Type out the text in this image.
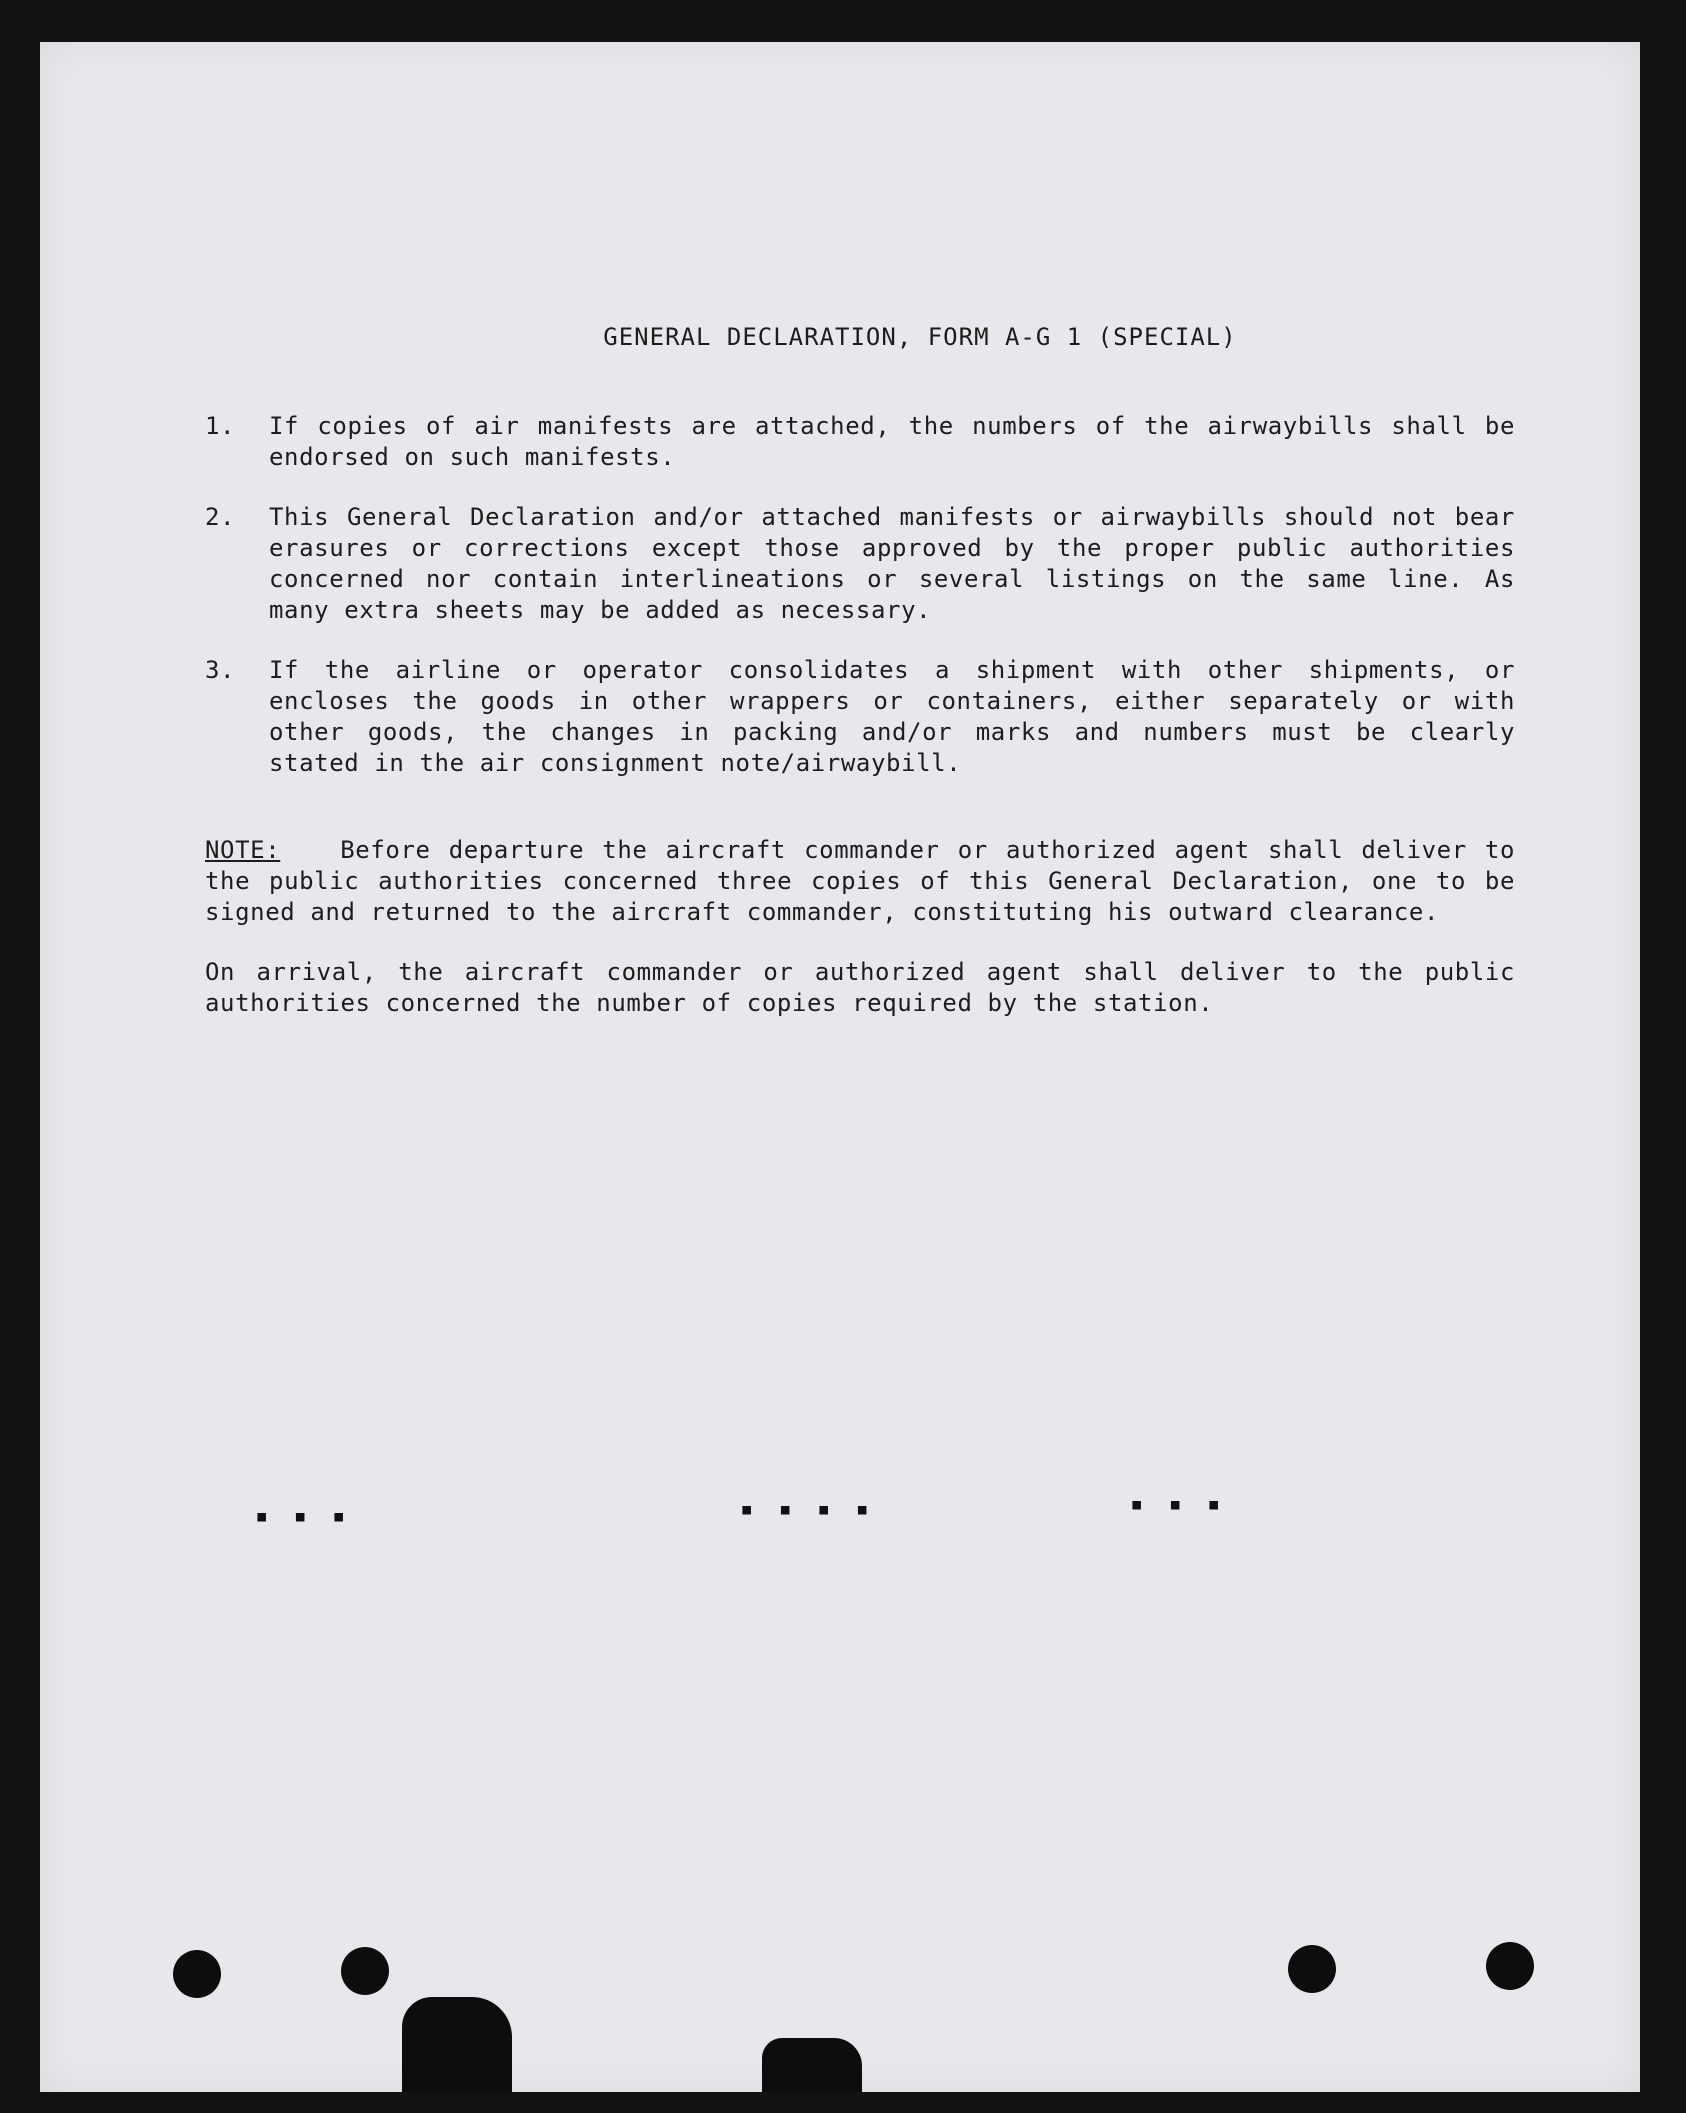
▪ ▪ ▪	▪ ▪ ▪ ▪	▪ ▪ ▪
GENERAL DECLARATION, FORM A-G 1 (SPECIAL)
1.	If copies of air manifests are attached, the numbers of the airwaybills shall be endorsed on such manifests.
2.	This General Declaration and/or attached manifests or airwaybills should not bear erasures or corrections except those approved by the proper public authorities concerned nor contain interlineations or several listings on the same line. As many extra sheets may be added as necessary.
3.	If the airline or operator consolidates a shipment with other shipments, or encloses the goods in other wrappers or containers, either separately or with other goods, the changes in packing and/or marks and numbers must be clearly stated in the air consignment note/airwaybill.
NOTE:	Before departure the aircraft commander or authorized agent shall deliver to the public authorities concerned three copies of this General Declaration, one to be signed and returned to the aircraft commander, constituting his outward clearance.
On arrival, the aircraft commander or authorized agent shall deliver to the public authorities concerned the number of copies required by the station.
